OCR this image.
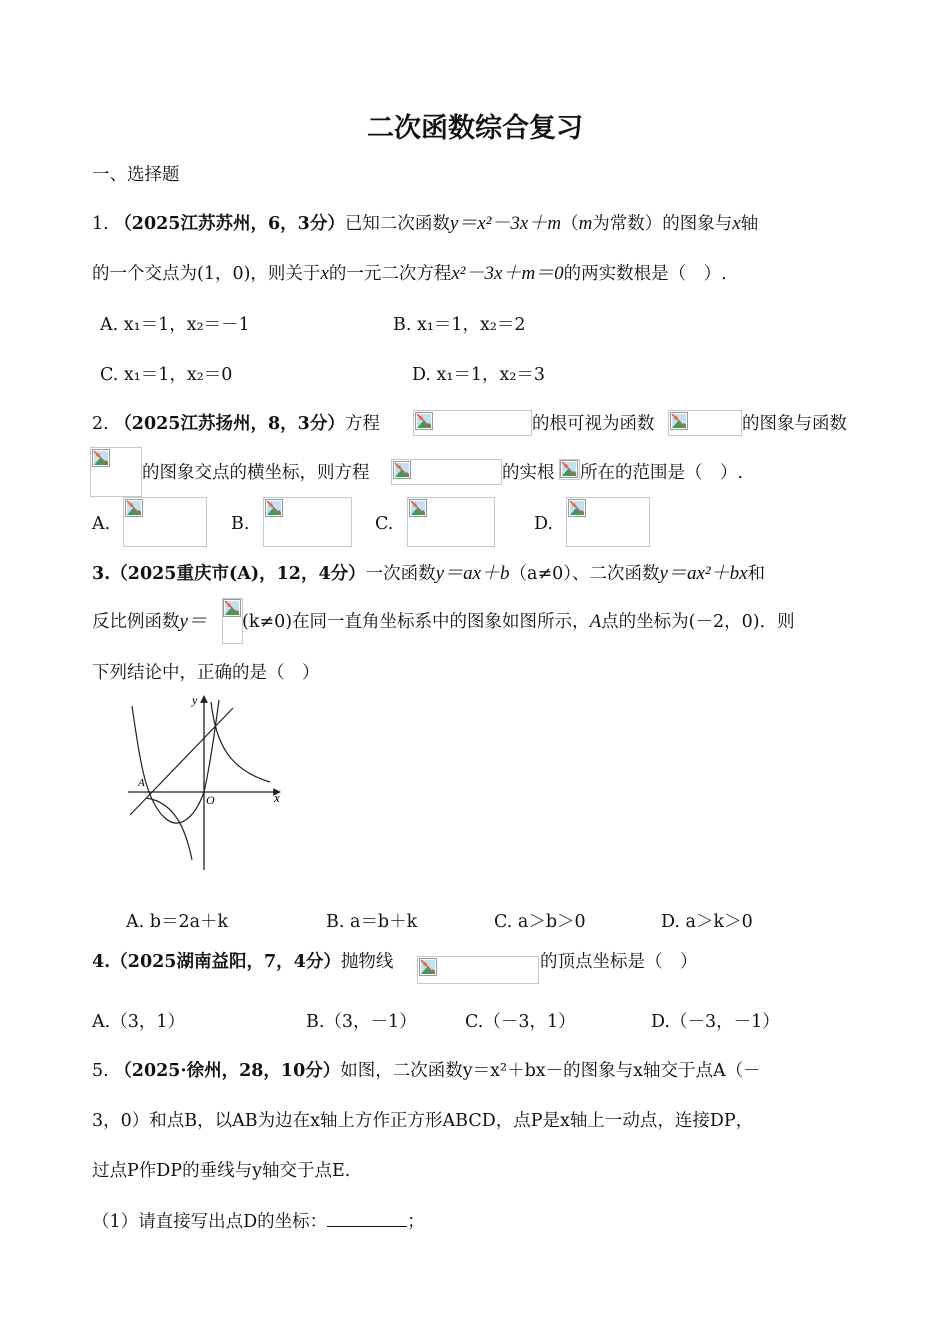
二次函数综合复习
一、选择题
1. （2025江苏苏州，6，3分）已知二次函数y＝x²－3x＋m（m为常数）的图象与x轴
的一个交点为(1，0)，则关于x的一元二次方程x²－3x＋m＝0的两实数根是（　）.
A. x₁＝1，x₂＝－1	B. x₁＝1，x₂＝2
C. x₁＝1，x₂＝0	D. x₁＝1，x₂＝3
2. （2025江苏扬州，8，3分）方程	的根可视为函数	的图象与函数
的图象交点的横坐标，则方程	的实根 所在的范围是（　）.
A.	B.	C.	D.
3.（2025重庆市(A)，12，4分）一次函数y＝ax＋b（a≠0）、二次函数y＝ax²＋bx和
反比例函数y＝ (k≠0)在同一直角坐标系中的图象如图所示，A点的坐标为(－2，0)．则
下列结论中，正确的是（　）
y
x
O
A
A. b＝2a＋k	B. a＝b＋k	C. a＞b＞0	D. a＞k＞0
4.（2025湖南益阳，7，4分）抛物线	的顶点坐标是（　）
A.（3，1）	B.（3，－1）	C.（－3，1）	D.（－3，－1）
5. （2025·徐州，28，10分）如图，二次函数y＝x²＋bx－的图象与x轴交于点A（－
3，0）和点B，以AB为边在x轴上方作正方形ABCD，点P是x轴上一动点，连接DP，
过点P作DP的垂线与y轴交于点E.
（1）请直接写出点D的坐标：	；
